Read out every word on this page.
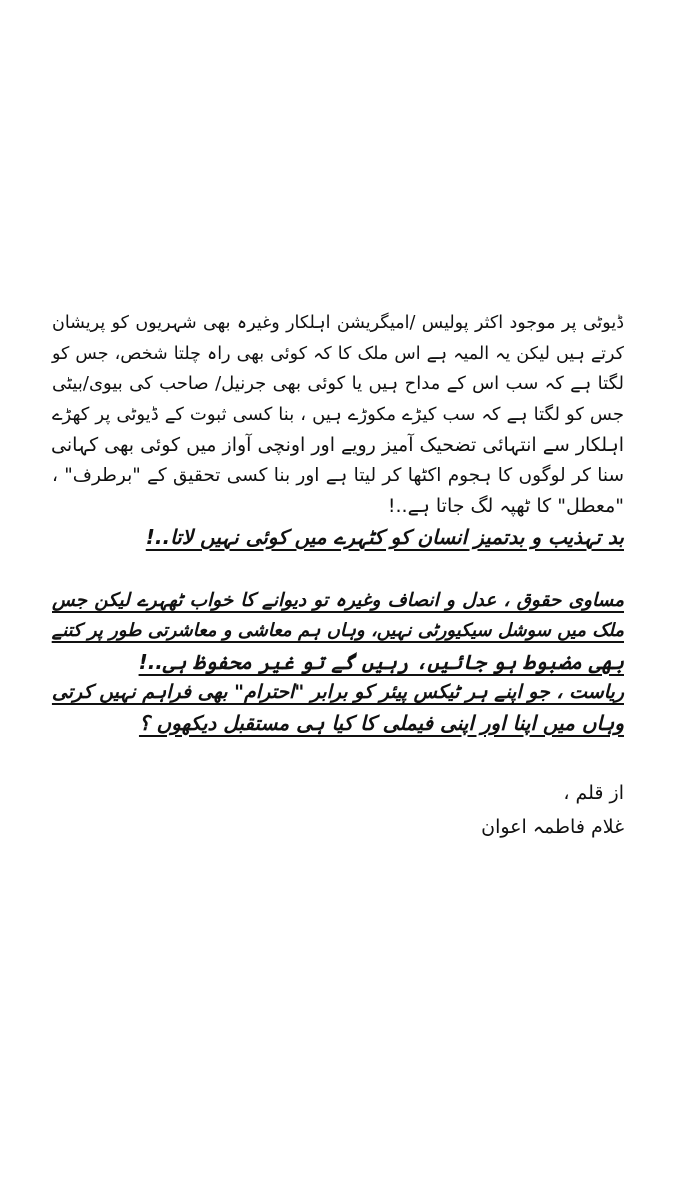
ڈیوٹی پر موجود اکثر پولیس /امیگریشن اہلکار وغیرہ بھی شہریوں کو پریشان
کرتے ہیں لیکن یہ المیہ ہے اس ملک کا کہ کوئی بھی راہ چلتا شخص، جس کو
لگتا ہے کہ سب اس کے مداح ہیں یا کوئی بھی جرنیل/ صاحب کی بیوی/بیٹی
جس کو لگتا ہے کہ سب کیڑے مکوڑے ہیں ، بنا کسی ثبوت کے ڈیوٹی پر کھڑے
اہلکار سے انتہائی تضحیک آمیز رویے اور اونچی آواز میں کوئی بھی کہانی
سنا کر لوگوں کا ہجوم اکٹھا کر لیتا ہے اور بنا کسی تحقیق کے "برطرف" ،
"معطل" کا ٹھپہ لگ جاتا ہے..!
بد تہذیب و بدتمیز انسان کو کٹہرے میں کوئی نہیں لاتا..!
مساوی حقوق ، عدل و انصاف وغیرہ تو دیوانے کا خواب ٹھہرے لیکن جس
ملک میں سوشل سیکیورٹی نہیں، وہاں ہم معاشی و معاشرتی طور پر کتنے
بھی مضبوط ہو جائیں، رہیں گے تو غیر محفوظ ہی..!
ریاست ، جو اپنے ہر ٹیکس پیئر کو برابر "احترام" بھی فراہم نہیں کرتی
وہاں میں اپنا اور اپنی فیملی کا کیا ہی مستقبل دیکھوں ؟
از قلم ،
غلام فاطمہ اعوان
